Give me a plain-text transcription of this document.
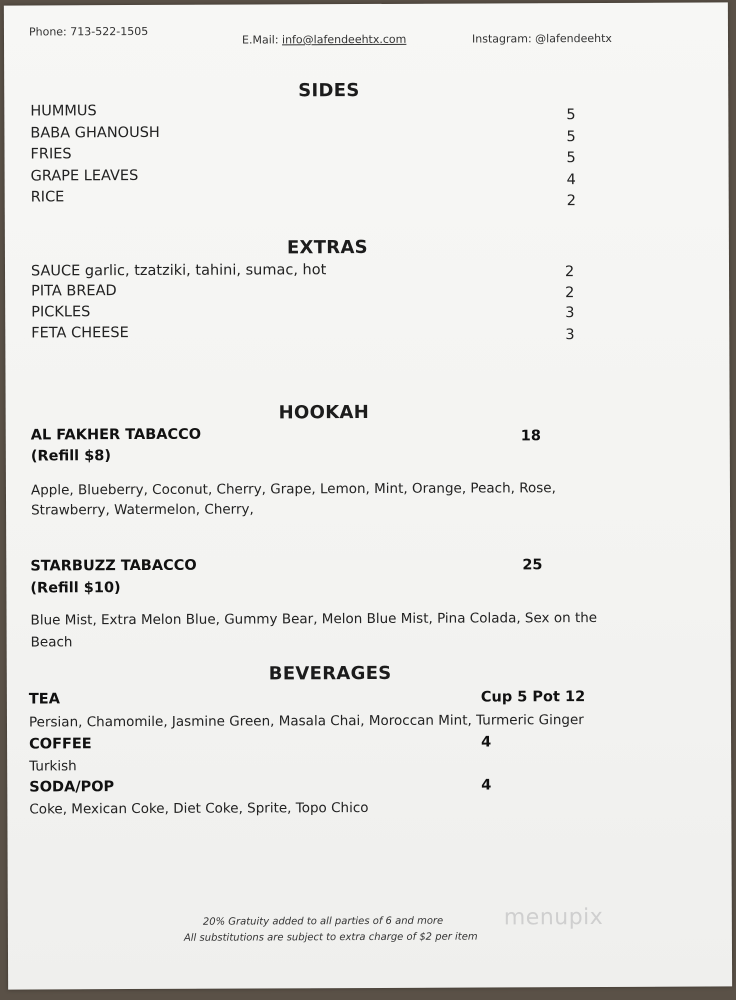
Phone: 713-522-1505
E.Mail: info@lafendeehtx.com	Instagram: @lafendeehtx
SIDES
HUMMUS	5
BABA GHANOUSH	5
FRIES	5
GRAPE LEAVES	4
RICE	2
EXTRAS
SAUCE garlic, tzatziki, tahini, sumac, hot	2
PITA BREAD	2
PICKLES	3
FETA CHEESE	3
HOOKAH
AL FAKHER TABACCO	18
(Refill $8)
Apple, Blueberry, Coconut, Cherry, Grape, Lemon, Mint, Orange, Peach, Rose,
Strawberry, Watermelon, Cherry,
STARBUZZ TABACCO	25
(Refill $10)
Blue Mist, Extra Melon Blue, Gummy Bear, Melon Blue Mist, Pina Colada, Sex on the
Beach
BEVERAGES
TEA	Cup 5 Pot 12
Persian, Chamomile, Jasmine Green, Masala Chai, Moroccan Mint, Turmeric Ginger
COFFEE	4
Turkish
SODA/POP	4
Coke, Mexican Coke, Diet Coke, Sprite, Topo Chico
20% Gratuity added to all parties of 6 and more
All substitutions are subject to extra charge of $2 per item
menupix
